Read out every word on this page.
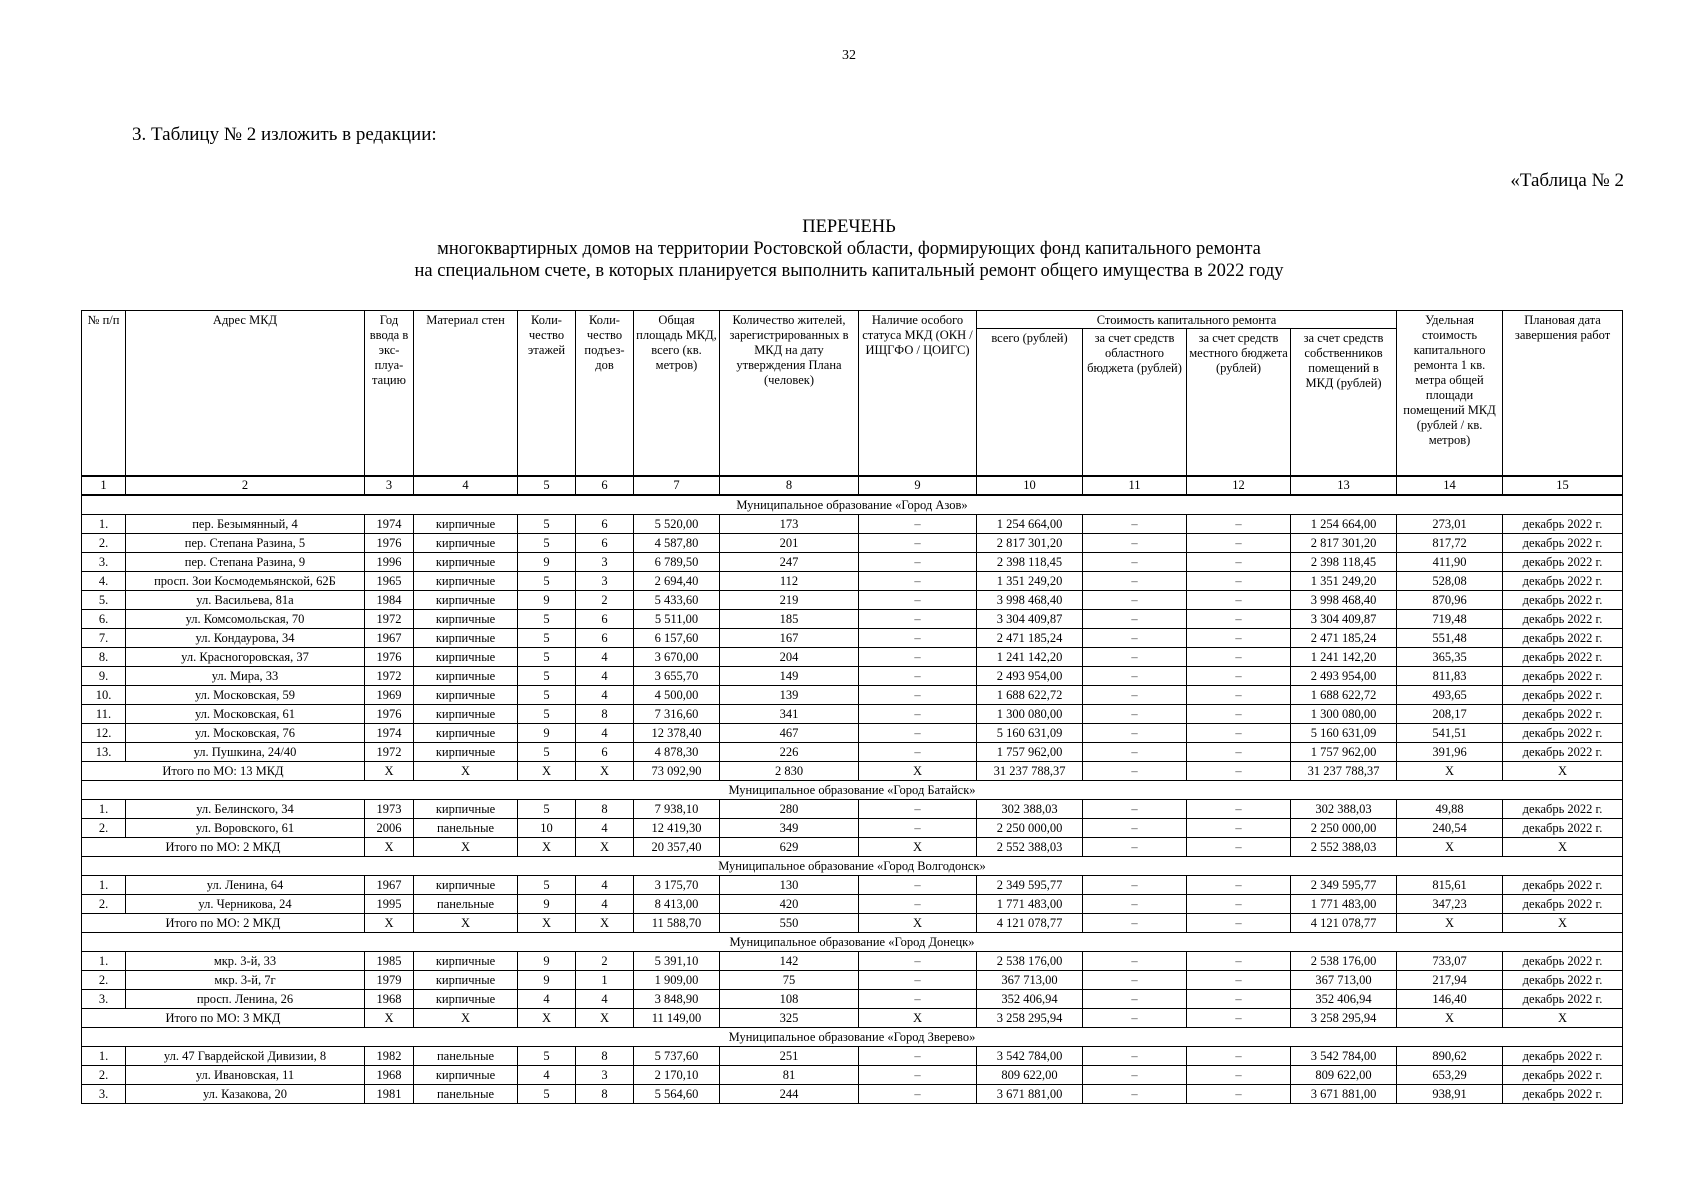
32
3. Таблицу № 2 изложить в редакции:
«Таблица № 2
ПЕРЕЧЕНЬ
многоквартирных домов на территории Ростовской области, формирующих фонд капитального ремонта
на специальном счете, в которых планируется выполнить капитальный ремонт общего имущества в 2022 году
№ п/п	Адрес МКД	Год ввода в экс-плуа-тацию	Материал стен	Коли-чество этажей	Коли-чество подъез-дов	Общая площадь МКД, всего (кв. метров)	Количество жителей, зарегистрированных в МКД на дату утверждения Плана (человек)	Наличие особого статуса МКД (ОКН / ИЩГФО / ЦОИГС)	Стоимость капитального ремонта				Удельная стоимость капитального ремонта 1 кв. метра общей площади помещений МКД (рублей / кв. метров)	Плановая дата завершения работ
									всего (рублей)	за счет средств областного бюджета (рублей)	за счет средств местного бюджета (рублей)	за счет средств собственников помещений в МКД (рублей)		
1	2	3	4	5	6	7	8	9	10	11	12	13	14	15
Муниципальное образование «Город Азов»														
1.	пер. Безымянный, 4	1974	кирпичные	5	6	5 520,00	173	–	1 254 664,00	–	–	1 254 664,00	273,01	декабрь 2022 г.
2.	пер. Степана Разина, 5	1976	кирпичные	5	6	4 587,80	201	–	2 817 301,20	–	–	2 817 301,20	817,72	декабрь 2022 г.
3.	пер. Степана Разина, 9	1996	кирпичные	9	3	6 789,50	247	–	2 398 118,45	–	–	2 398 118,45	411,90	декабрь 2022 г.
4.	просп. Зои Космодемьянской, 62Б	1965	кирпичные	5	3	2 694,40	112	–	1 351 249,20	–	–	1 351 249,20	528,08	декабрь 2022 г.
5.	ул. Васильева, 81а	1984	кирпичные	9	2	5 433,60	219	–	3 998 468,40	–	–	3 998 468,40	870,96	декабрь 2022 г.
6.	ул. Комсомольская, 70	1972	кирпичные	5	6	5 511,00	185	–	3 304 409,87	–	–	3 304 409,87	719,48	декабрь 2022 г.
7.	ул. Кондаурова, 34	1967	кирпичные	5	6	6 157,60	167	–	2 471 185,24	–	–	2 471 185,24	551,48	декабрь 2022 г.
8.	ул. Красногоровская, 37	1976	кирпичные	5	4	3 670,00	204	–	1 241 142,20	–	–	1 241 142,20	365,35	декабрь 2022 г.
9.	ул. Мира, 33	1972	кирпичные	5	4	3 655,70	149	–	2 493 954,00	–	–	2 493 954,00	811,83	декабрь 2022 г.
10.	ул. Московская, 59	1969	кирпичные	5	4	4 500,00	139	–	1 688 622,72	–	–	1 688 622,72	493,65	декабрь 2022 г.
11.	ул. Московская, 61	1976	кирпичные	5	8	7 316,60	341	–	1 300 080,00	–	–	1 300 080,00	208,17	декабрь 2022 г.
12.	ул. Московская, 76	1974	кирпичные	9	4	12 378,40	467	–	5 160 631,09	–	–	5 160 631,09	541,51	декабрь 2022 г.
13.	ул. Пушкина, 24/40	1972	кирпичные	5	6	4 878,30	226	–	1 757 962,00	–	–	1 757 962,00	391,96	декабрь 2022 г.
Итого по МО: 13 МКД		X	X	X	X	73 092,90	2 830	X	31 237 788,37	–	–	31 237 788,37	X	X
Муниципальное образование «Город Батайск»														
1.	ул. Белинского, 34	1973	кирпичные	5	8	7 938,10	280	–	302 388,03	–	–	302 388,03	49,88	декабрь 2022 г.
2.	ул. Воровского, 61	2006	панельные	10	4	12 419,30	349	–	2 250 000,00	–	–	2 250 000,00	240,54	декабрь 2022 г.
Итого по МО: 2 МКД		X	X	X	X	20 357,40	629	X	2 552 388,03	–	–	2 552 388,03	X	X
Муниципальное образование «Город Волгодонск»														
1.	ул. Ленина, 64	1967	кирпичные	5	4	3 175,70	130	–	2 349 595,77	–	–	2 349 595,77	815,61	декабрь 2022 г.
2.	ул. Черникова, 24	1995	панельные	9	4	8 413,00	420	–	1 771 483,00	–	–	1 771 483,00	347,23	декабрь 2022 г.
Итого по МО: 2 МКД		X	X	X	X	11 588,70	550	X	4 121 078,77	–	–	4 121 078,77	X	X
Муниципальное образование «Город Донецк»														
1.	мкр. 3-й, 33	1985	кирпичные	9	2	5 391,10	142	–	2 538 176,00	–	–	2 538 176,00	733,07	декабрь 2022 г.
2.	мкр. 3-й, 7г	1979	кирпичные	9	1	1 909,00	75	–	367 713,00	–	–	367 713,00	217,94	декабрь 2022 г.
3.	просп. Ленина, 26	1968	кирпичные	4	4	3 848,90	108	–	352 406,94	–	–	352 406,94	146,40	декабрь 2022 г.
Итого по МО: 3 МКД		X	X	X	X	11 149,00	325	X	3 258 295,94	–	–	3 258 295,94	X	X
Муниципальное образование «Город Зверево»														
1.	ул. 47 Гвардейской Дивизии, 8	1982	панельные	5	8	5 737,60	251	–	3 542 784,00	–	–	3 542 784,00	890,62	декабрь 2022 г.
2.	ул. Ивановская, 11	1968	кирпичные	4	3	2 170,10	81	–	809 622,00	–	–	809 622,00	653,29	декабрь 2022 г.
3.	ул. Казакова, 20	1981	панельные	5	8	5 564,60	244	–	3 671 881,00	–	–	3 671 881,00	938,91	декабрь 2022 г.
